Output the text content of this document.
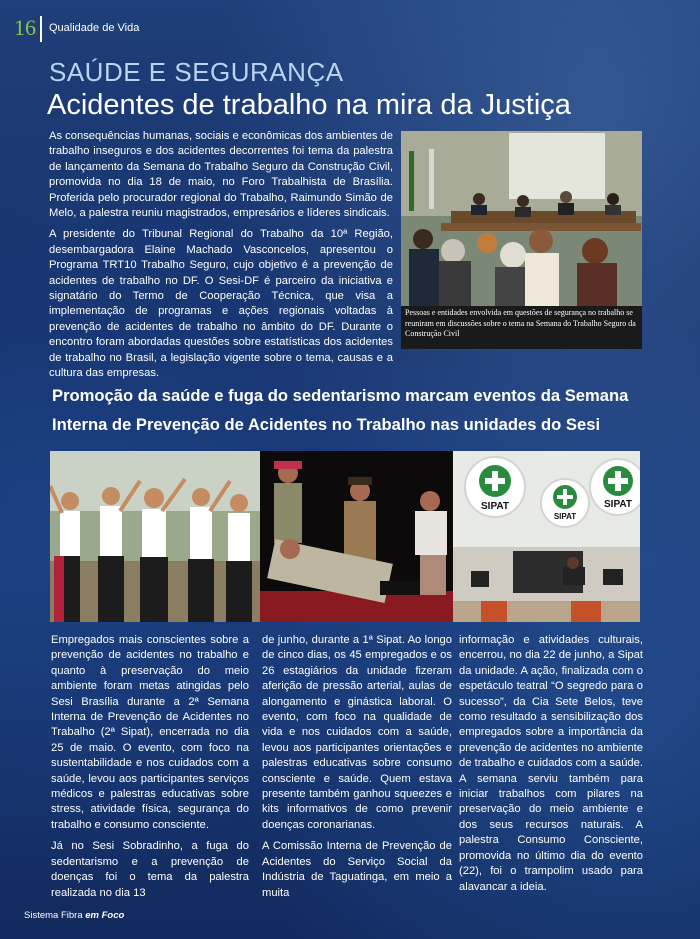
16 Qualidade de Vida
SAÚDE E SEGURANÇA
Acidentes de trabalho na mira da Justiça

As consequências humanas, sociais e econômicas dos ambientes de trabalho inseguros e dos acidentes decorrentes foi tema da palestra de lançamento da Semana do Trabalho Seguro da Construção Civil, promovida no dia 18 de maio, no Foro Trabalhista de Brasília. Proferida pelo procurador regional do Trabalho, Raimundo Simão de Melo, a palestra reuniu magistrados, empresários e líderes sindicais.

A presidente do Tribunal Regional do Trabalho da 10ª Região, desembargadora Elaine Machado Vasconcelos, apresentou o Programa TRT10 Trabalho Seguro, cujo objetivo é a prevenção de acidentes de trabalho no DF. O Sesi-DF é parceiro da iniciativa e signatário do Termo de Cooperação Técnica, que visa a implementação de programas e ações regionais voltadas à prevenção de acidentes de trabalho no âmbito do DF. Durante o encontro foram abordadas questões sobre estatísticas dos acidentes de trabalho no Brasil, a legislação vigente sobre o tema, causas e a cultura das empresas.

Pessoas e entidades envolvida em questões de segurança no trabalho se reuniram em discussões sobre o tema na Semana do Trabalho Seguro da Construção Civil
Promoção da saúde e fuga do sedentarismo marcam eventos da Semana
Interna de Prevenção de Acidentes no Trabalho nas unidades do Sesi
SIPAT
SIPAT
SIPAT

Empregados mais conscientes sobre a prevenção de acidentes no trabalho e quanto à preservação do meio ambiente foram metas atingidas pelo Sesi Brasília durante a 2ª Semana Interna de Prevenção de Acidentes no Trabalho (2ª Sipat), encerrada no dia 25 de maio. O evento, com foco na sustentabilidade e nos cuidados com a saúde, levou aos participantes serviços médicos e palestras educativas sobre stress, atividade física, segurança do trabalho e consumo consciente.

Já no Sesi Sobradinho, a fuga do sedentarismo e a prevenção de doenças foi o tema da palestra realizada no dia 13

de junho, durante a 1ª Sipat. Ao longo de cinco dias, os 45 empregados e os 26 estagiários da unidade fizeram aferição de pressão arterial, aulas de alongamento e ginástica laboral. O evento, com foco na qualidade de vida e nos cuidados com a saúde, levou aos participantes orientações e palestras educativas sobre consumo consciente e saúde. Quem estava presente também ganhou squeezes e kits informativos de como prevenir doenças coronarianas.

A Comissão Interna de Prevenção de Acidentes do Serviço Social da Indústria de Taguatinga, em meio a muita

informação e atividades culturais, encerrou, no dia 22 de junho, a Sipat da unidade. A ação, finalizada com o espetáculo teatral “O segredo para o sucesso”, da Cia Sete Belos, teve como resultado a sensibilização dos empregados sobre a importância da prevenção de acidentes no ambiente de trabalho e cuidados com a saúde. A semana serviu também para iniciar trabalhos com pilares na preservação do meio ambiente e dos seus recursos naturais. A palestra Consumo Consciente, promovida no último dia do evento (22), foi o trampolim usado para alavancar a ideia.

Sistema Fibra em Foco
